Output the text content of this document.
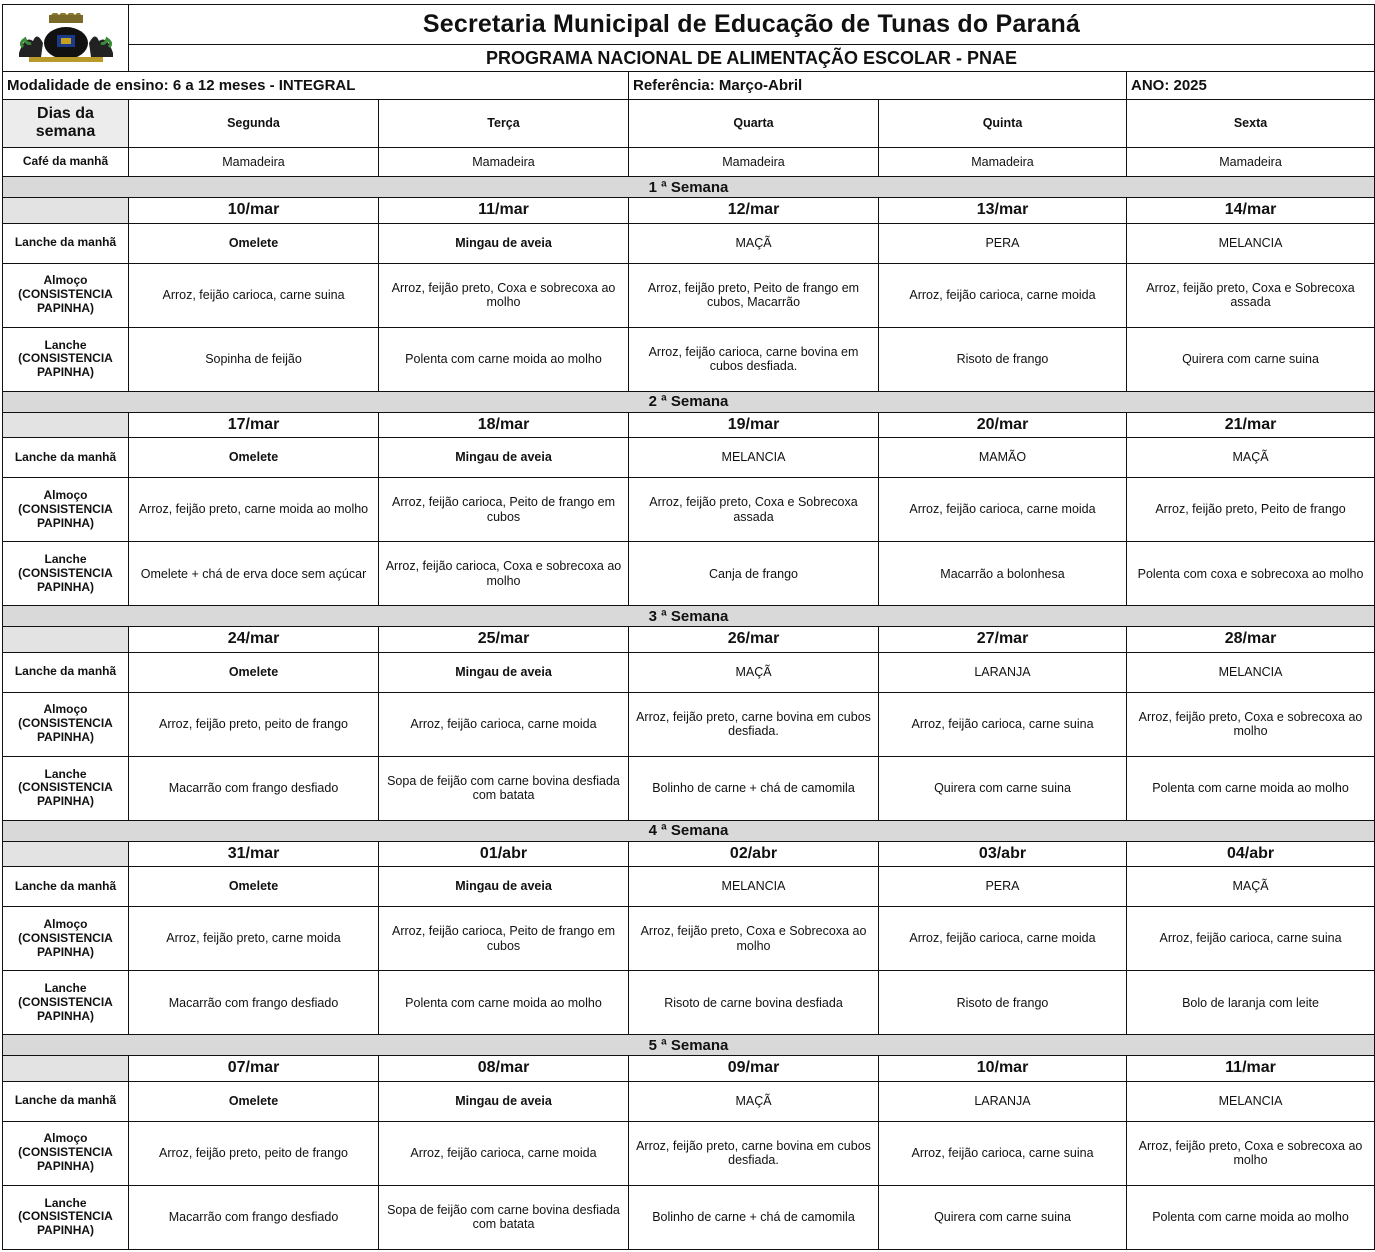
	Secretaria Municipal de Educação de Tunas do Paraná				
	PROGRAMA NACIONAL DE ALIMENTAÇÃO ESCOLAR - PNAE				
Modalidade de ensino: 6 a 12 meses - INTEGRAL			Referência: Março-Abril		ANO: 2025
Dias da semana	Segunda	Terça	Quarta	Quinta	Sexta
Café da manhã	Mamadeira	Mamadeira	Mamadeira	Mamadeira	Mamadeira
1 ª Semana					
	10/mar	11/mar	12/mar	13/mar	14/mar
Lanche da manhã	Omelete	Mingau de aveia	MAÇÃ	PERA	MELANCIA
Almoço (CONSISTENCIA PAPINHA)	Arroz, feijão carioca, carne suina	Arroz, feijão preto, Coxa e sobrecoxa ao molho	Arroz, feijão preto, Peito de frango em cubos, Macarrão	Arroz, feijão carioca, carne moida	Arroz, feijão preto, Coxa e Sobrecoxa assada
Lanche (CONSISTENCIA PAPINHA)	Sopinha de feijão	Polenta com carne moida ao molho	Arroz, feijão carioca, carne bovina em cubos desfiada.	Risoto de frango	Quirera com carne suina
2 ª Semana					
	17/mar	18/mar	19/mar	20/mar	21/mar
Lanche da manhã	Omelete	Mingau de aveia	MELANCIA	MAMÃO	MAÇÃ
Almoço (CONSISTENCIA PAPINHA)	Arroz, feijão preto, carne moida ao molho	Arroz, feijão carioca, Peito de frango em cubos	Arroz, feijão preto, Coxa e Sobrecoxa assada	Arroz, feijão carioca, carne moida	Arroz, feijão preto, Peito de frango
Lanche (CONSISTENCIA PAPINHA)	Omelete + chá de erva doce sem açúcar	Arroz, feijão carioca, Coxa e sobrecoxa ao molho	Canja de frango	Macarrão a bolonhesa	Polenta com coxa e sobrecoxa ao molho
3 ª Semana					
	24/mar	25/mar	26/mar	27/mar	28/mar
Lanche da manhã	Omelete	Mingau de aveia	MAÇÃ	LARANJA	MELANCIA
Almoço (CONSISTENCIA PAPINHA)	Arroz, feijão preto, peito de frango	Arroz, feijão carioca, carne moida	Arroz, feijão preto, carne bovina em cubos desfiada.	Arroz, feijão carioca, carne suina	Arroz, feijão preto, Coxa e sobrecoxa ao molho
Lanche (CONSISTENCIA PAPINHA)	Macarrão com frango desfiado	Sopa de feijão com carne bovina desfiada com batata	Bolinho de carne + chá de camomila	Quirera com carne suina	Polenta com carne moida ao molho
4 ª Semana					
	31/mar	01/abr	02/abr	03/abr	04/abr
Lanche da manhã	Omelete	Mingau de aveia	MELANCIA	PERA	MAÇÃ
Almoço (CONSISTENCIA PAPINHA)	Arroz, feijão preto, carne moida	Arroz, feijão carioca, Peito de frango em cubos	Arroz, feijão preto, Coxa e Sobrecoxa ao molho	Arroz, feijão carioca, carne moida	Arroz, feijão carioca, carne suina
Lanche (CONSISTENCIA PAPINHA)	Macarrão com frango desfiado	Polenta com carne moida ao molho	Risoto de carne bovina desfiada	Risoto de frango	Bolo de laranja com leite
5 ª Semana					
	07/mar	08/mar	09/mar	10/mar	11/mar
Lanche da manhã	Omelete	Mingau de aveia	MAÇÃ	LARANJA	MELANCIA
Almoço (CONSISTENCIA PAPINHA)	Arroz, feijão preto, peito de frango	Arroz, feijão carioca, carne moida	Arroz, feijão preto, carne bovina em cubos desfiada.	Arroz, feijão carioca, carne suina	Arroz, feijão preto, Coxa e sobrecoxa ao molho
Lanche (CONSISTENCIA PAPINHA)	Macarrão com frango desfiado	Sopa de feijão com carne bovina desfiada com batata	Bolinho de carne + chá de camomila	Quirera com carne suina	Polenta com carne moida ao molho
